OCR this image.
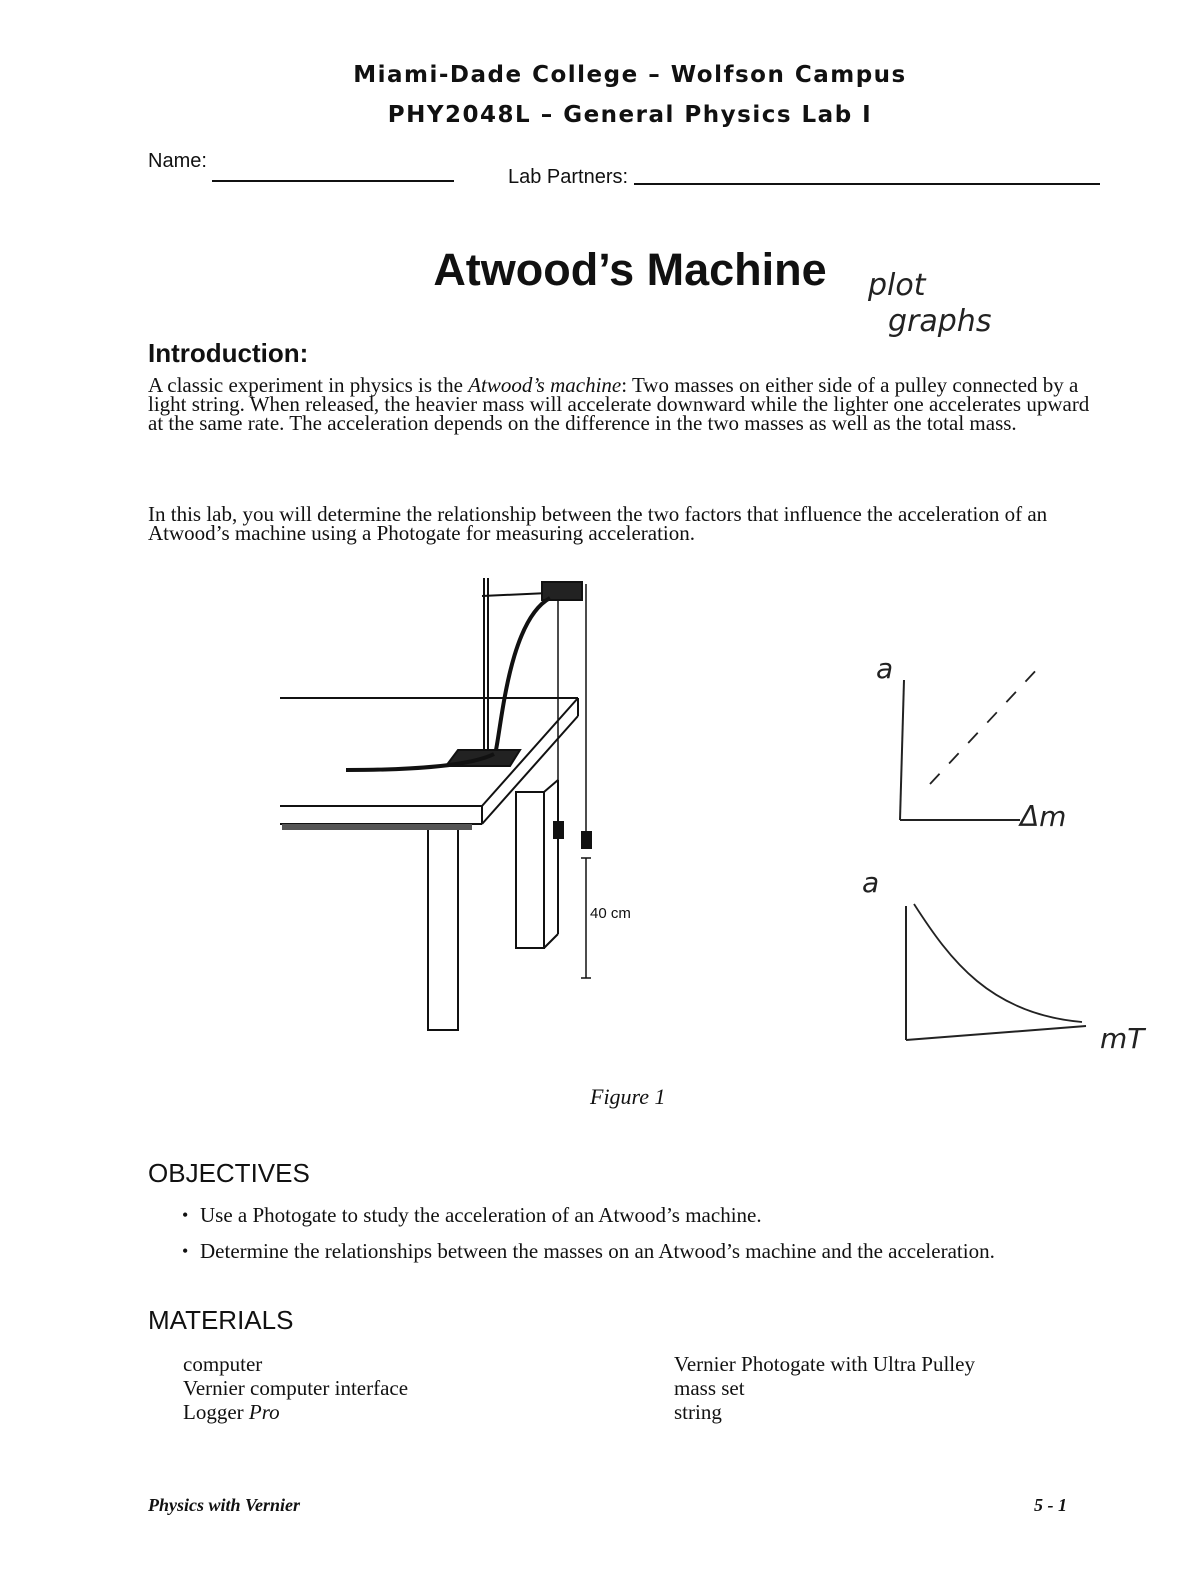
Miami-Dade College – Wolfson Campus
PHY2048L – General Physics Lab I
Name:
Lab Partners:
Atwood’s Machine	plot
graphs
Introduction:
A classic experiment in physics is the Atwood’s machine: Two masses on either side of a pulley connected by a light string. When released, the heavier mass will accelerate downward while the lighter one accelerates upward at the same rate. The acceleration depends on the difference in the two masses as well as the total mass.
In this lab, you will determine the relationship between the two factors that influence the acceleration of an Atwood’s machine using a Photogate for measuring acceleration.
40 cm
Figure 1
a
Δm
a
mT
OBJECTIVES
• Use a Photogate to study the acceleration of an Atwood’s machine.
• Determine the relationships between the masses on an Atwood’s machine and the acceleration.
MATERIALS
computer
Vernier computer interface
Logger Pro
Vernier Photogate with Ultra Pulley
mass set
string
Physics with Vernier	5 - 1
